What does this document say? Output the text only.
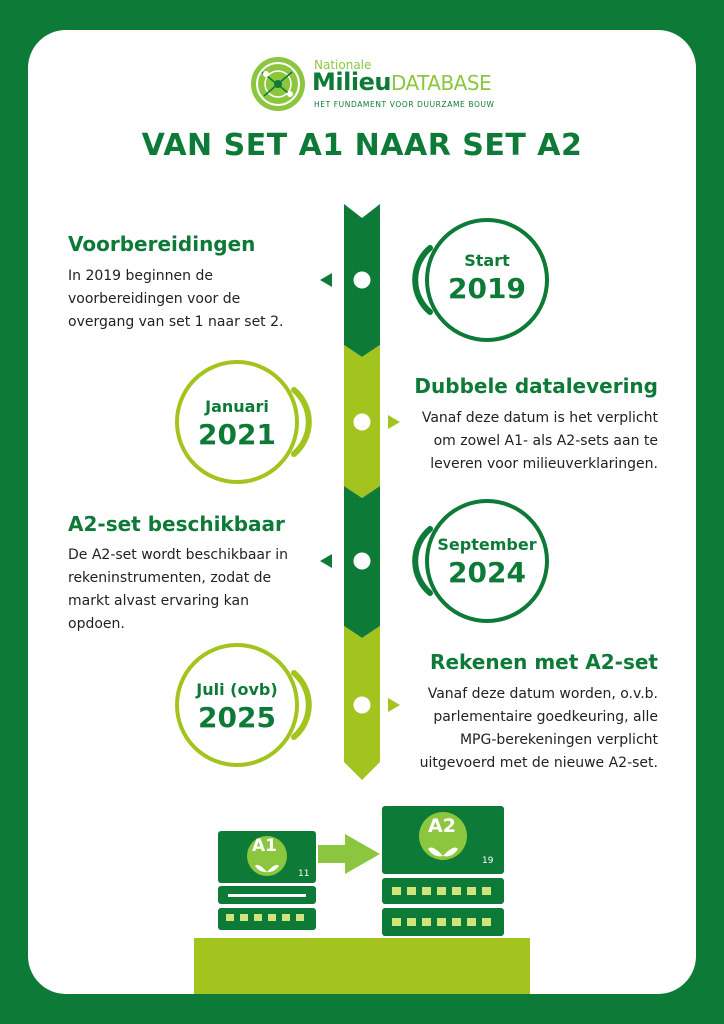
Nationale
MilieuDATABASE
HET FUNDAMENT VOOR DUURZAME BOUW
VAN SET A1 NAAR SET A2
Voorbereidingen
In 2019 beginnen de
voorbereidingen voor de
overgang van set 1 naar set 2.
Start
2019
Dubbele datalevering
Vanaf deze datum is het verplicht
om zowel A1- als A2-sets aan te
leveren voor milieuverklaringen.
Januari
2021
A2-set beschikbaar
De A2-set wordt beschikbaar in
rekeninstrumenten, zodat de
markt alvast ervaring kan
opdoen.
September
2024
Rekenen met A2-set
Vanaf deze datum worden, o.v.b.
parlementaire goedkeuring, alle
MPG-berekeningen verplicht
uitgevoerd met de nieuwe A2-set.
Juli (ovb)
2025
A1
11
A2
19
